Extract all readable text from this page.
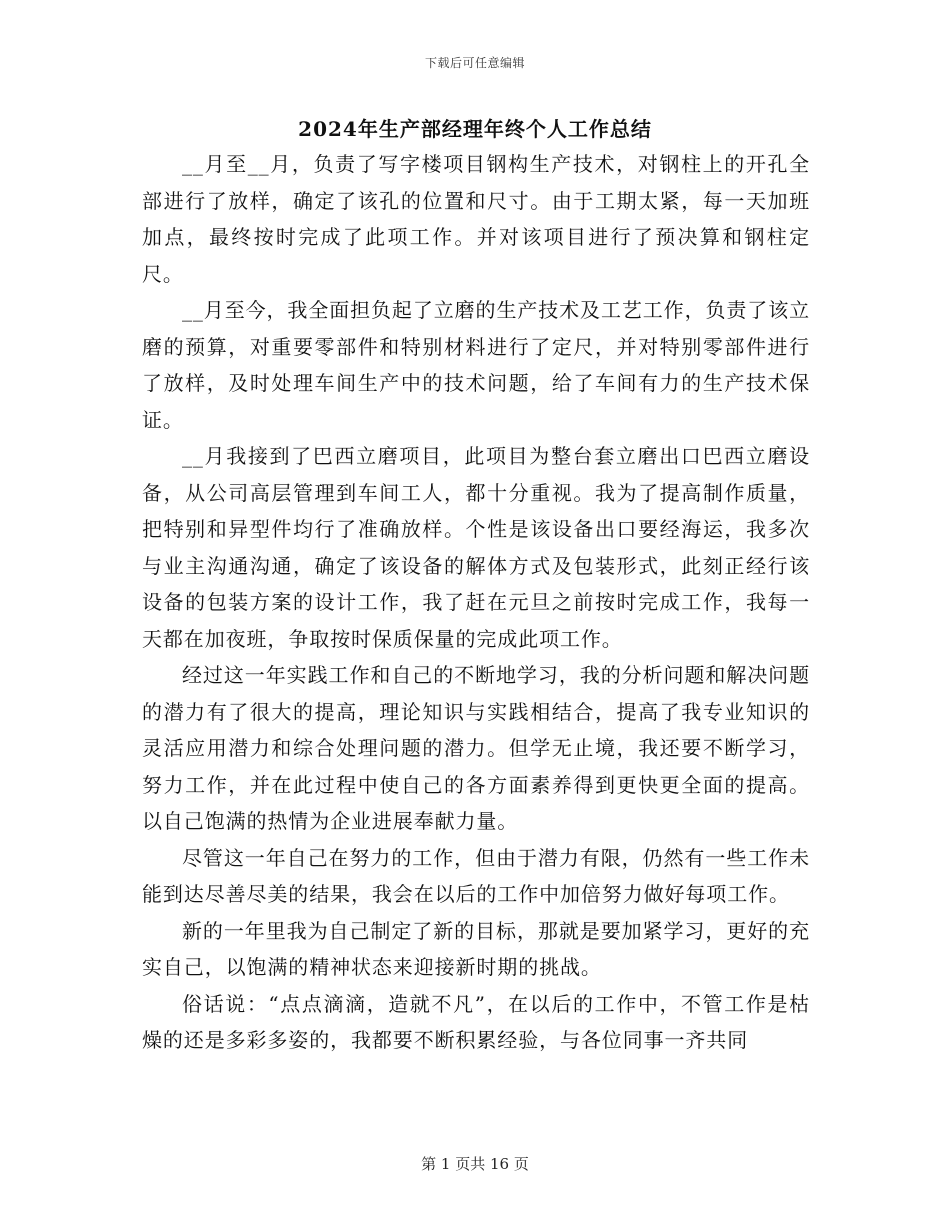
下载后可任意编辑
2024年生产部经理年终个人工作总结

__月至__月，负责了写字楼项目钢构生产技术，对钢柱上的开孔全部进行了放样，确定了该孔的位置和尺寸。由于工期太紧，每一天加班加点，最终按时完成了此项工作。并对该项目进行了预决算和钢柱定尺。

__月至今，我全面担负起了立磨的生产技术及工艺工作，负责了该立磨的预算，对重要零部件和特别材料进行了定尺，并对特别零部件进行了放样，及时处理车间生产中的技术问题，给了车间有力的生产技术保证。

__月我接到了巴西立磨项目，此项目为整台套立磨出口巴西立磨设备，从公司高层管理到车间工人，都十分重视。我为了提高制作质量，把特别和异型件均行了准确放样。个性是该设备出口要经海运，我多次与业主沟通沟通，确定了该设备的解体方式及包装形式，此刻正经行该设备的包装方案的设计工作，我了赶在元旦之前按时完成工作，我每一天都在加夜班，争取按时保质保量的完成此项工作。

经过这一年实践工作和自己的不断地学习，我的分析问题和解决问题的潜力有了很大的提高，理论知识与实践相结合，提高了我专业知识的灵活应用潜力和综合处理问题的潜力。但学无止境，我还要不断学习，努力工作，并在此过程中使自己的各方面素养得到更快更全面的提高。以自己饱满的热情为企业进展奉献力量。

尽管这一年自己在努力的工作，但由于潜力有限，仍然有一些工作未能到达尽善尽美的结果，我会在以后的工作中加倍努力做好每项工作。

新的一年里我为自己制定了新的目标，那就是要加紧学习，更好的充实自己，以饱满的精神状态来迎接新时期的挑战。

俗话说：“点点滴滴，造就不凡”，在以后的工作中，不管工作是枯燥的还是多彩多姿的，我都要不断积累经验，与各位同事一齐共同

第 1 页共 16 页
